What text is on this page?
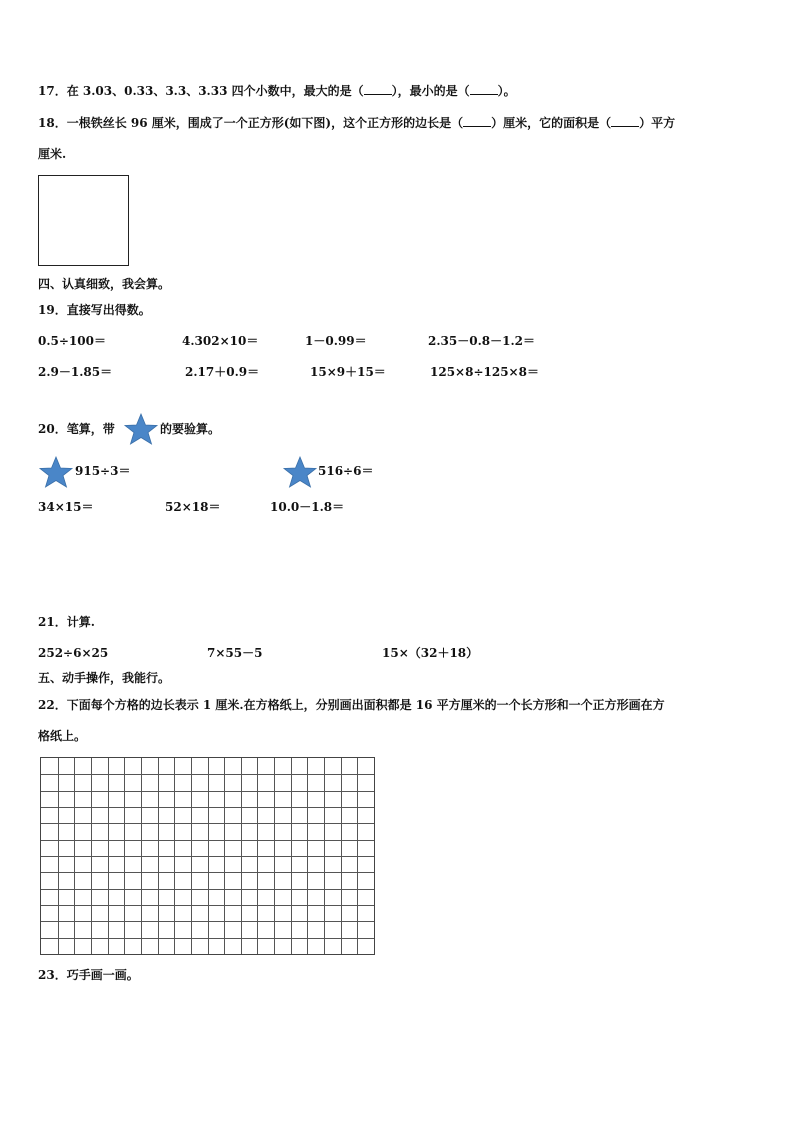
17．在 3.03、0.33、3.3、3.33 四个小数中，最大的是（ ），最小的是（ ）。
18．一根铁丝长 96 厘米，围成了一个正方形(如下图)，这个正方形的边长是（ ）厘米，它的面积是（ ）平方
厘米.
四、认真细致，我会算。
19．直接写出得数。
0.5÷100＝	4.302×10＝	1－0.99＝	2.35－0.8－1.2＝
2.9－1.85＝	2.17＋0.9＝	15×9＋15＝	125×8÷125×8＝
20．笔算，带	的要验算。
915÷3＝	516÷6＝
34×15＝	52×18＝	10.0－1.8＝
21．计算.
252÷6×25	7×55－5	15×（32＋18）
五、动手操作，我能行。
22．下面每个方格的边长表示 1 厘米.在方格纸上，分别画出面积都是 16 平方厘米的一个长方形和一个正方形画在方
格纸上。
23．巧手画一画。
